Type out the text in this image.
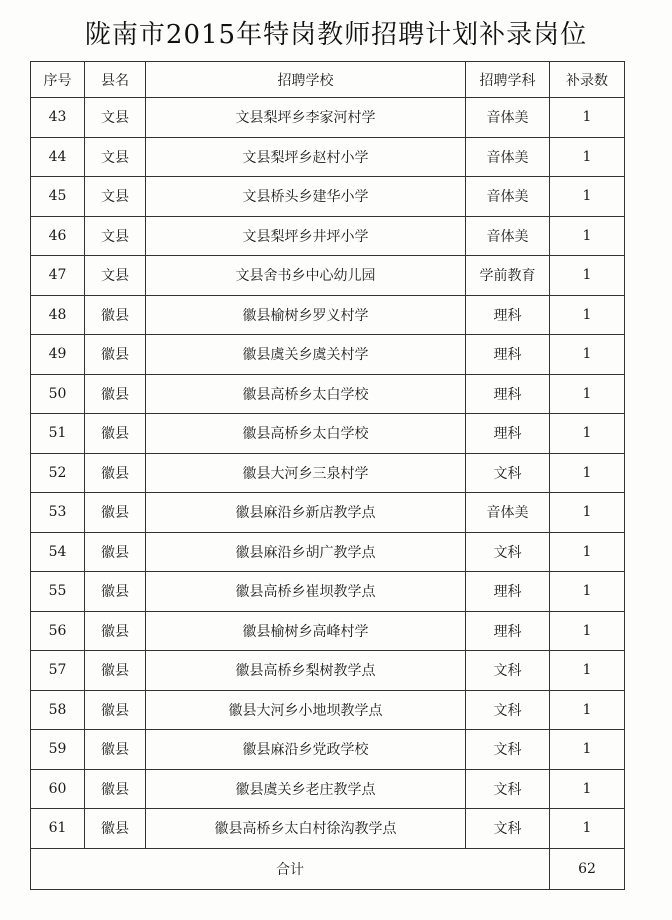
陇南市2015年特岗教师招聘计划补录岗位
序号	县名	招聘学校	招聘学科	补录数
43	文县	文县梨坪乡李家河村学	音体美	1
44	文县	文县梨坪乡赵村小学	音体美	1
45	文县	文县桥头乡建华小学	音体美	1
46	文县	文县梨坪乡井坪小学	音体美	1
47	文县	文县舍书乡中心幼儿园	学前教育	1
48	徽县	徽县榆树乡罗义村学	理科	1
49	徽县	徽县虞关乡虞关村学	理科	1
50	徽县	徽县高桥乡太白学校	理科	1
51	徽县	徽县高桥乡太白学校	理科	1
52	徽县	徽县大河乡三泉村学	文科	1
53	徽县	徽县麻沿乡新店教学点	音体美	1
54	徽县	徽县麻沿乡胡广教学点	文科	1
55	徽县	徽县高桥乡崔坝教学点	理科	1
56	徽县	徽县榆树乡高峰村学	理科	1
57	徽县	徽县高桥乡梨树教学点	文科	1
58	徽县	徽县大河乡小地坝教学点	文科	1
59	徽县	徽县麻沿乡党政学校	文科	1
60	徽县	徽县虞关乡老庄教学点	文科	1
61	徽县	徽县高桥乡太白村徐沟教学点	文科	1
合计				62
